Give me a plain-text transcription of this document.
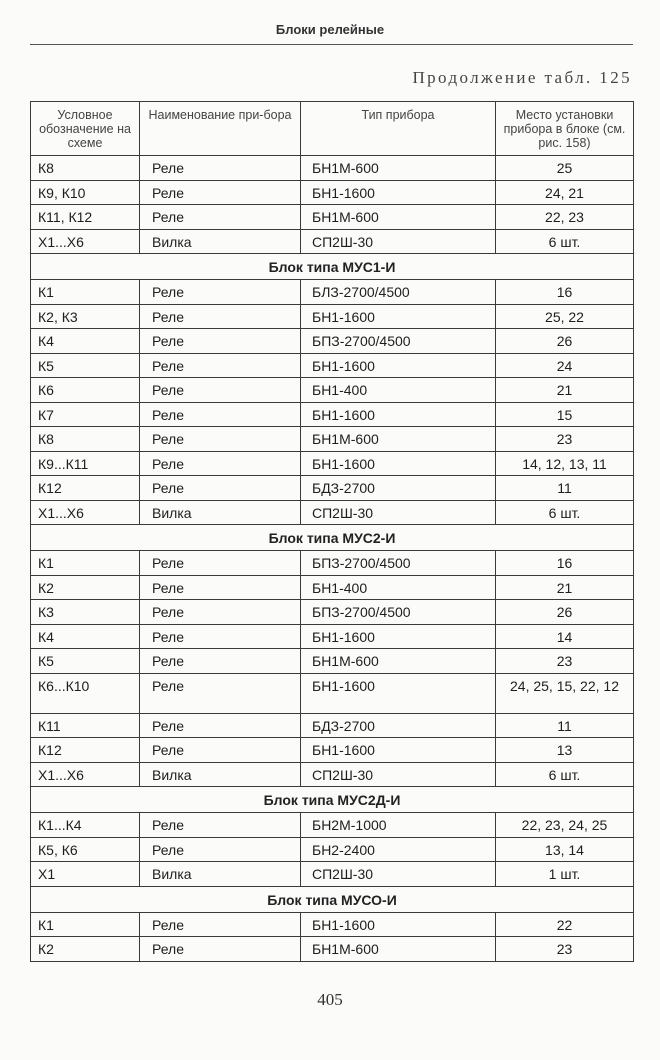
Блоки релейные
Продолжение табл. 125
Условное обозначение на схеме	Наименование при-бора	Тип прибора	Место установки прибора в блоке (см. рис. 158)
К8	Реле	БН1М-600	25
К9, К10	Реле	БН1-1600	24, 21
К11, К12	Реле	БН1М-600	22, 23
Х1...Х6	Вилка	СП2Ш-30	6 шт.
Блок типа МУС1-И			
К1	Реле	БЛЗ-2700/4500	16
К2, К3	Реле	БН1-1600	25, 22
К4	Реле	БПЗ-2700/4500	26
К5	Реле	БН1-1600	24
К6	Реле	БН1-400	21
К7	Реле	БН1-1600	15
К8	Реле	БН1М-600	23
К9...К11	Реле	БН1-1600	14, 12, 13, 11
К12	Реле	БДЗ-2700	11
Х1...Х6	Вилка	СП2Ш-30	6 шт.
Блок типа МУС2-И			
К1	Реле	БПЗ-2700/4500	16
К2	Реле	БН1-400	21
К3	Реле	БПЗ-2700/4500	26
К4	Реле	БН1-1600	14
К5	Реле	БН1М-600	23
К6...К10	Реле	БН1-1600	24, 25, 15, 22, 12
К11	Реле	БДЗ-2700	11
К12	Реле	БН1-1600	13
Х1...Х6	Вилка	СП2Ш-30	6 шт.
Блок типа МУС2Д-И			
К1...К4	Реле	БН2М-1000	22, 23, 24, 25
К5, К6	Реле	БН2-2400	13, 14
Х1	Вилка	СП2Ш-30	1 шт.
Блок типа МУСО-И			
К1	Реле	БН1-1600	22
К2	Реле	БН1М-600	23
405
